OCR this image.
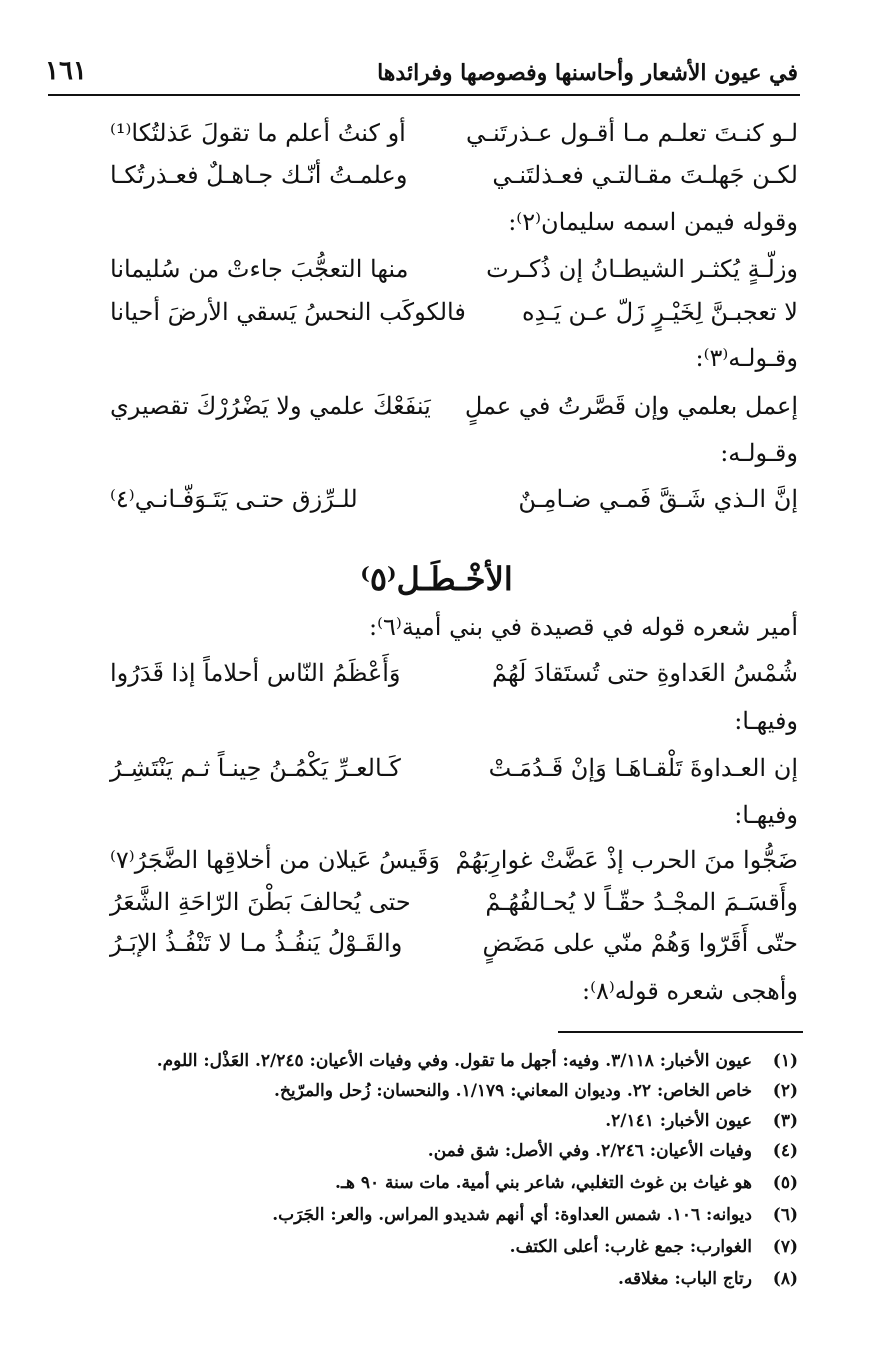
في عيون الأشعار وأحاسنها وفصوصها وفرائدها
١٦١
لـو كنـتَ تعلـم مـا أقـول عـذرتَنـي
أو كنتُ أعلم ما تقولَ عَذلتُكا⁽¹⁾
لكـن جَهلـتَ مقـالتـي فعـذلتَنـي
وعلمـتُ أنّـك جـاهـلٌ فعـذرتُكـا
وقوله فيمن اسمه سليمان⁽٢⁾:
وزلّـةٍ يُكثـر الشيطـانُ إن ذُكـرت
منها التعجُّبَ جاءتْ من سُليمانا
لا تعجبـنَّ لِخَيْـرٍ زَلّ عـن يَـدِه
فالكوكَب النحسُ يَسقي الأرضَ أحيانا
وقـولـه⁽٣⁾:
إعمل بعلمي وإن قَصَّرتُ في عملٍ
يَنفَعْكَ علمي ولا يَضْرُرْكَ تقصيري
وقـولـه:
إنَّ الـذي شَـقَّ فَمـي ضـامِـنٌ
للـرِّزق حتـى يَتَـوَفّـانـي⁽٤⁾
الأخْـطَـل⁽٥⁾
أمير شعره قوله في قصيدة في بني أمية⁽٦⁾:
شُمْسُ العَداوةِ حتى تُستَقادَ لَهُمْ
وَأَعْظَمُ النّاس أحلاماً إذا قَدَرُوا
وفيهـا:
إن العـداوةَ تَلْقـاهَـا وَإنْ قَـدُمَـتْ
كَـالعـرِّ يَكْمُـنُ حِينـاً ثـم يَنْتَشِـرُ
وفيهـا:
ضَجُّوا منَ الحرب إذْ عَضَّتْ غوارِبَهُمْ
وَقَيسُ عَيلان من أخلاقِها الضَّجَرُ⁽٧⁾
وأَقسَـمَ المجْـدُ حقّـاً لا يُحـالفُهُـمْ
حتى يُحالفَ بَطْنَ الرّاحَةِ الشَّعَرُ
حتّى أَقَرّوا وَهُمْ منّي على مَضَضٍ
والقَـوْلُ يَنفُـذُ مـا لا تَنْفُـذُ الإبَـرُ
وأهجى شعره قوله⁽٨⁾:
(١)عيون الأخبار: ٣/١١٨. وفيه: أجهل ما تقول. وفي وفيات الأعيان: ٢/٢٤٥. العَذْل: اللوم.
(٢)خاص الخاص: ٢٢. وديوان المعاني: ١/١٧٩. والنحسان: زُحل والمرّيخ.
(٣)عيون الأخبار: ٢/١٤١.
(٤)وفيات الأعيان: ٢/٢٤٦. وفي الأصل: شق فمن.
(٥)هو غياث بن غوث التغلبي، شاعر بني أمية. مات سنة ٩٠ هـ.
(٦)ديوانه: ١٠٦. شمس العداوة: أي أنهم شديدو المراس. والعر: الجَرَب.
(٧)الغوارب: جمع غارب: أعلى الكتف.
(٨)رتاج الباب: مغلاقه.
